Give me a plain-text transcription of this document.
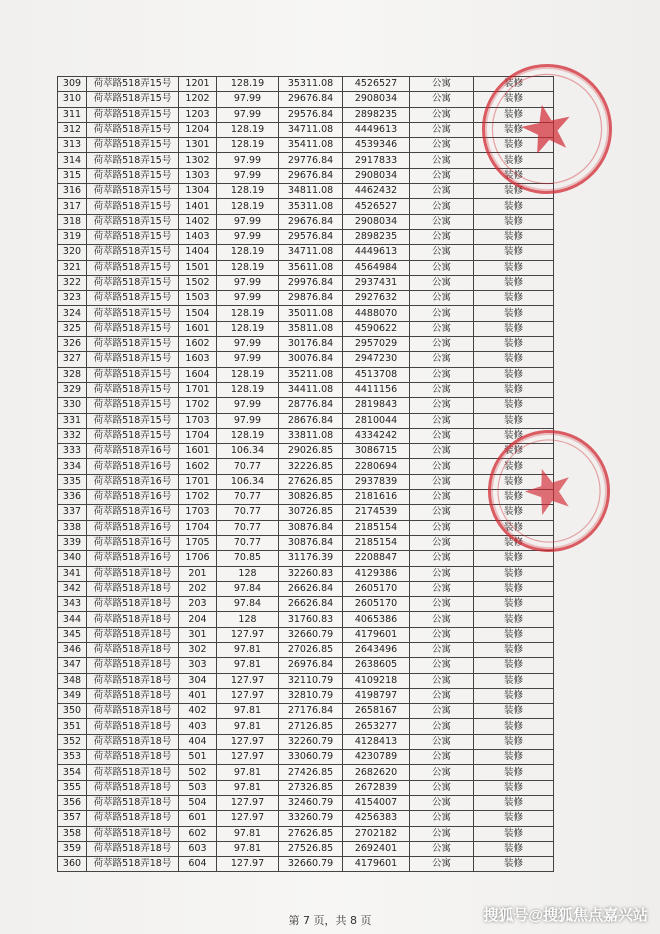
309	荷萃路518弄15号	1201	128.19	35311.08	4526527	公寓	装修
310	荷萃路518弄15号	1202	97.99	29676.84	2908034	公寓	装修
311	荷萃路518弄15号	1203	97.99	29576.84	2898235	公寓	装修
312	荷萃路518弄15号	1204	128.19	34711.08	4449613	公寓	装修
313	荷萃路518弄15号	1301	128.19	35411.08	4539346	公寓	装修
314	荷萃路518弄15号	1302	97.99	29776.84	2917833	公寓	装修
315	荷萃路518弄15号	1303	97.99	29676.84	2908034	公寓	装修
316	荷萃路518弄15号	1304	128.19	34811.08	4462432	公寓	装修
317	荷萃路518弄15号	1401	128.19	35311.08	4526527	公寓	装修
318	荷萃路518弄15号	1402	97.99	29676.84	2908034	公寓	装修
319	荷萃路518弄15号	1403	97.99	29576.84	2898235	公寓	装修
320	荷萃路518弄15号	1404	128.19	34711.08	4449613	公寓	装修
321	荷萃路518弄15号	1501	128.19	35611.08	4564984	公寓	装修
322	荷萃路518弄15号	1502	97.99	29976.84	2937431	公寓	装修
323	荷萃路518弄15号	1503	97.99	29876.84	2927632	公寓	装修
324	荷萃路518弄15号	1504	128.19	35011.08	4488070	公寓	装修
325	荷萃路518弄15号	1601	128.19	35811.08	4590622	公寓	装修
326	荷萃路518弄15号	1602	97.99	30176.84	2957029	公寓	装修
327	荷萃路518弄15号	1603	97.99	30076.84	2947230	公寓	装修
328	荷萃路518弄15号	1604	128.19	35211.08	4513708	公寓	装修
329	荷萃路518弄15号	1701	128.19	34411.08	4411156	公寓	装修
330	荷萃路518弄15号	1702	97.99	28776.84	2819843	公寓	装修
331	荷萃路518弄15号	1703	97.99	28676.84	2810044	公寓	装修
332	荷萃路518弄15号	1704	128.19	33811.08	4334242	公寓	装修
333	荷萃路518弄16号	1601	106.34	29026.85	3086715	公寓	装修
334	荷萃路518弄16号	1602	70.77	32226.85	2280694	公寓	装修
335	荷萃路518弄16号	1701	106.34	27626.85	2937839	公寓	装修
336	荷萃路518弄16号	1702	70.77	30826.85	2181616	公寓	装修
337	荷萃路518弄16号	1703	70.77	30726.85	2174539	公寓	装修
338	荷萃路518弄16号	1704	70.77	30876.84	2185154	公寓	装修
339	荷萃路518弄16号	1705	70.77	30876.84	2185154	公寓	装修
340	荷萃路518弄16号	1706	70.85	31176.39	2208847	公寓	装修
341	荷萃路518弄18号	201	128	32260.83	4129386	公寓	装修
342	荷萃路518弄18号	202	97.84	26626.84	2605170	公寓	装修
343	荷萃路518弄18号	203	97.84	26626.84	2605170	公寓	装修
344	荷萃路518弄18号	204	128	31760.83	4065386	公寓	装修
345	荷萃路518弄18号	301	127.97	32660.79	4179601	公寓	装修
346	荷萃路518弄18号	302	97.81	27026.85	2643496	公寓	装修
347	荷萃路518弄18号	303	97.81	26976.84	2638605	公寓	装修
348	荷萃路518弄18号	304	127.97	32110.79	4109218	公寓	装修
349	荷萃路518弄18号	401	127.97	32810.79	4198797	公寓	装修
350	荷萃路518弄18号	402	97.81	27176.84	2658167	公寓	装修
351	荷萃路518弄18号	403	97.81	27126.85	2653277	公寓	装修
352	荷萃路518弄18号	404	127.97	32260.79	4128413	公寓	装修
353	荷萃路518弄18号	501	127.97	33060.79	4230789	公寓	装修
354	荷萃路518弄18号	502	97.81	27426.85	2682620	公寓	装修
355	荷萃路518弄18号	503	97.81	27326.85	2672839	公寓	装修
356	荷萃路518弄18号	504	127.97	32460.79	4154007	公寓	装修
357	荷萃路518弄18号	601	127.97	33260.79	4256383	公寓	装修
358	荷萃路518弄18号	602	97.81	27626.85	2702182	公寓	装修
359	荷萃路518弄18号	603	97.81	27526.85	2692401	公寓	装修
360	荷萃路518弄18号	604	127.97	32660.79	4179601	公寓	装修
第 7 页，共 8 页	搜狐号@搜狐焦点嘉兴站
